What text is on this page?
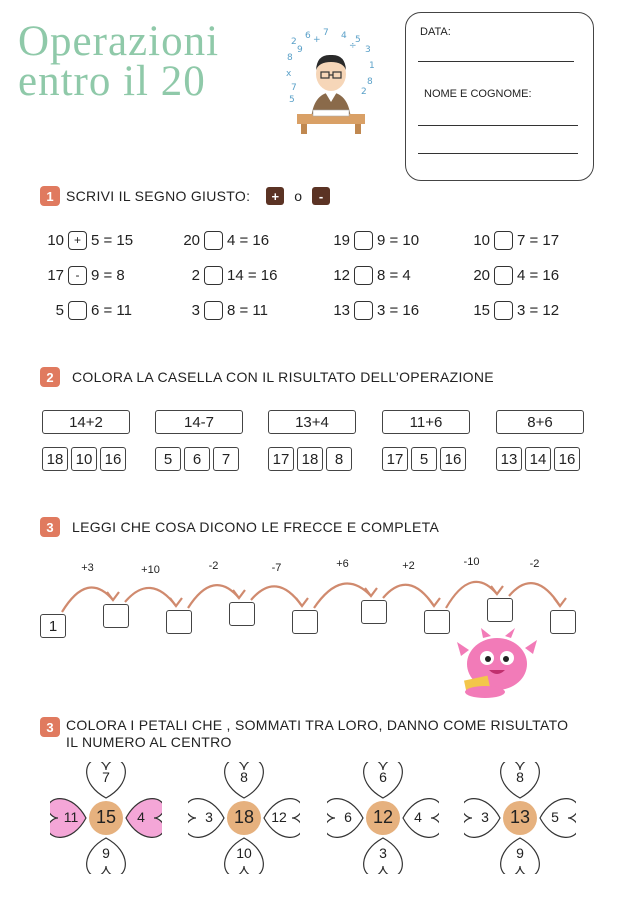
Operazioni
entro il 20
2
6 7 4 5
3
8
9
1
x
8
7
+
÷
2
5
DATA:
NOME E COGNOME:
1 SCRIVI IL SEGNO GIUSTO:	+	o	-
10 + 5 = 15	20 4 = 16	19 9 = 10	10 7 = 17
17 - 9 = 8	2 14 = 16	12 8 = 4	20 4 = 16
5 6 = 11	3 8 = 11	13 3 = 16	15 3 = 12
2	COLORA LA CASELLA CON IL RISULTATO DELL’OPERAZIONE
14+2
18 10 16
14-7
5	6	7
13+4
17 18	8
11+6
17	5	16
8+6
13 14 16
3	LEGGI CHE COSA DICONO LE FRECCE E COMPLETA
1
+3	+10	-2	-7	+6	+2	-10	-2
3 COLORA I PETALI CHE , SOMMATI TRA LORO, DANNO COME RISULTATO
IL NUMERO AL CENTRO
7
4
9
11 15
8
12
10
3	18
6
4
3
6	12
8
5
9
3	13
